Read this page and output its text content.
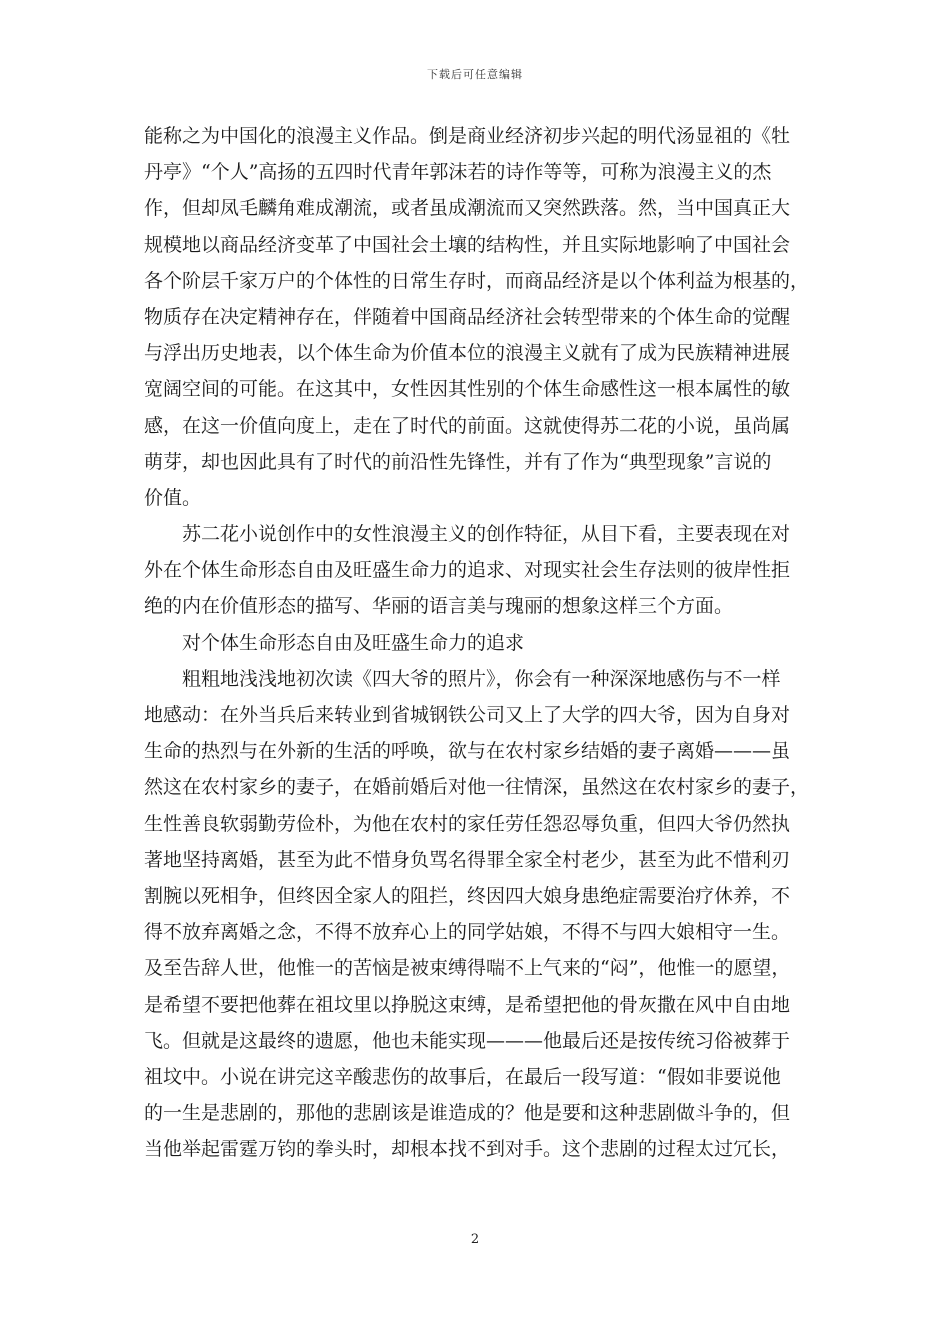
下载后可任意编辑
能称之为中国化的浪漫主义作品。倒是商业经济初步兴起的明代汤显祖的《牡
丹亭》“个人”高扬的五四时代青年郭沫若的诗作等等，可称为浪漫主义的杰
作，但却凤毛麟角难成潮流，或者虽成潮流而又突然跌落。然，当中国真正大
规模地以商品经济变革了中国社会土壤的结构性，并且实际地影响了中国社会
各个阶层千家万户的个体性的日常生存时，而商品经济是以个体利益为根基的，
物质存在决定精神存在，伴随着中国商品经济社会转型带来的个体生命的觉醒
与浮出历史地表，以个体生命为价值本位的浪漫主义就有了成为民族精神进展
宽阔空间的可能。在这其中，女性因其性别的个体生命感性这一根本属性的敏
感，在这一价值向度上，走在了时代的前面。这就使得苏二花的小说，虽尚属
萌芽，却也因此具有了时代的前沿性先锋性，并有了作为“典型现象”言说的
价值。
　　苏二花小说创作中的女性浪漫主义的创作特征，从目下看，主要表现在对
外在个体生命形态自由及旺盛生命力的追求、对现实社会生存法则的彼岸性拒
绝的内在价值形态的描写、华丽的语言美与瑰丽的想象这样三个方面。
　　对个体生命形态自由及旺盛生命力的追求
　　粗粗地浅浅地初次读《四大爷的照片》，你会有一种深深地感伤与不一样
地感动：在外当兵后来转业到省城钢铁公司又上了大学的四大爷，因为自身对
生命的热烈与在外新的生活的呼唤，欲与在农村家乡结婚的妻子离婚———虽
然这在农村家乡的妻子，在婚前婚后对他一往情深，虽然这在农村家乡的妻子，
生性善良软弱勤劳俭朴，为他在农村的家任劳任怨忍辱负重，但四大爷仍然执
著地坚持离婚，甚至为此不惜身负骂名得罪全家全村老少，甚至为此不惜利刃
割腕以死相争，但终因全家人的阻拦，终因四大娘身患绝症需要治疗休养，不
得不放弃离婚之念，不得不放弃心上的同学姑娘，不得不与四大娘相守一生。
及至告辞人世，他惟一的苦恼是被束缚得喘不上气来的“闷”，他惟一的愿望，
是希望不要把他葬在祖坟里以挣脱这束缚，是希望把他的骨灰撒在风中自由地
飞。但就是这最终的遗愿，他也未能实现———他最后还是按传统习俗被葬于
祖坟中。小说在讲完这辛酸悲伤的故事后，在最后一段写道：“假如非要说他
的一生是悲剧的，那他的悲剧该是谁造成的？他是要和这种悲剧做斗争的，但
当他举起雷霆万钧的拳头时，却根本找不到对手。这个悲剧的过程太过冗长，
2
